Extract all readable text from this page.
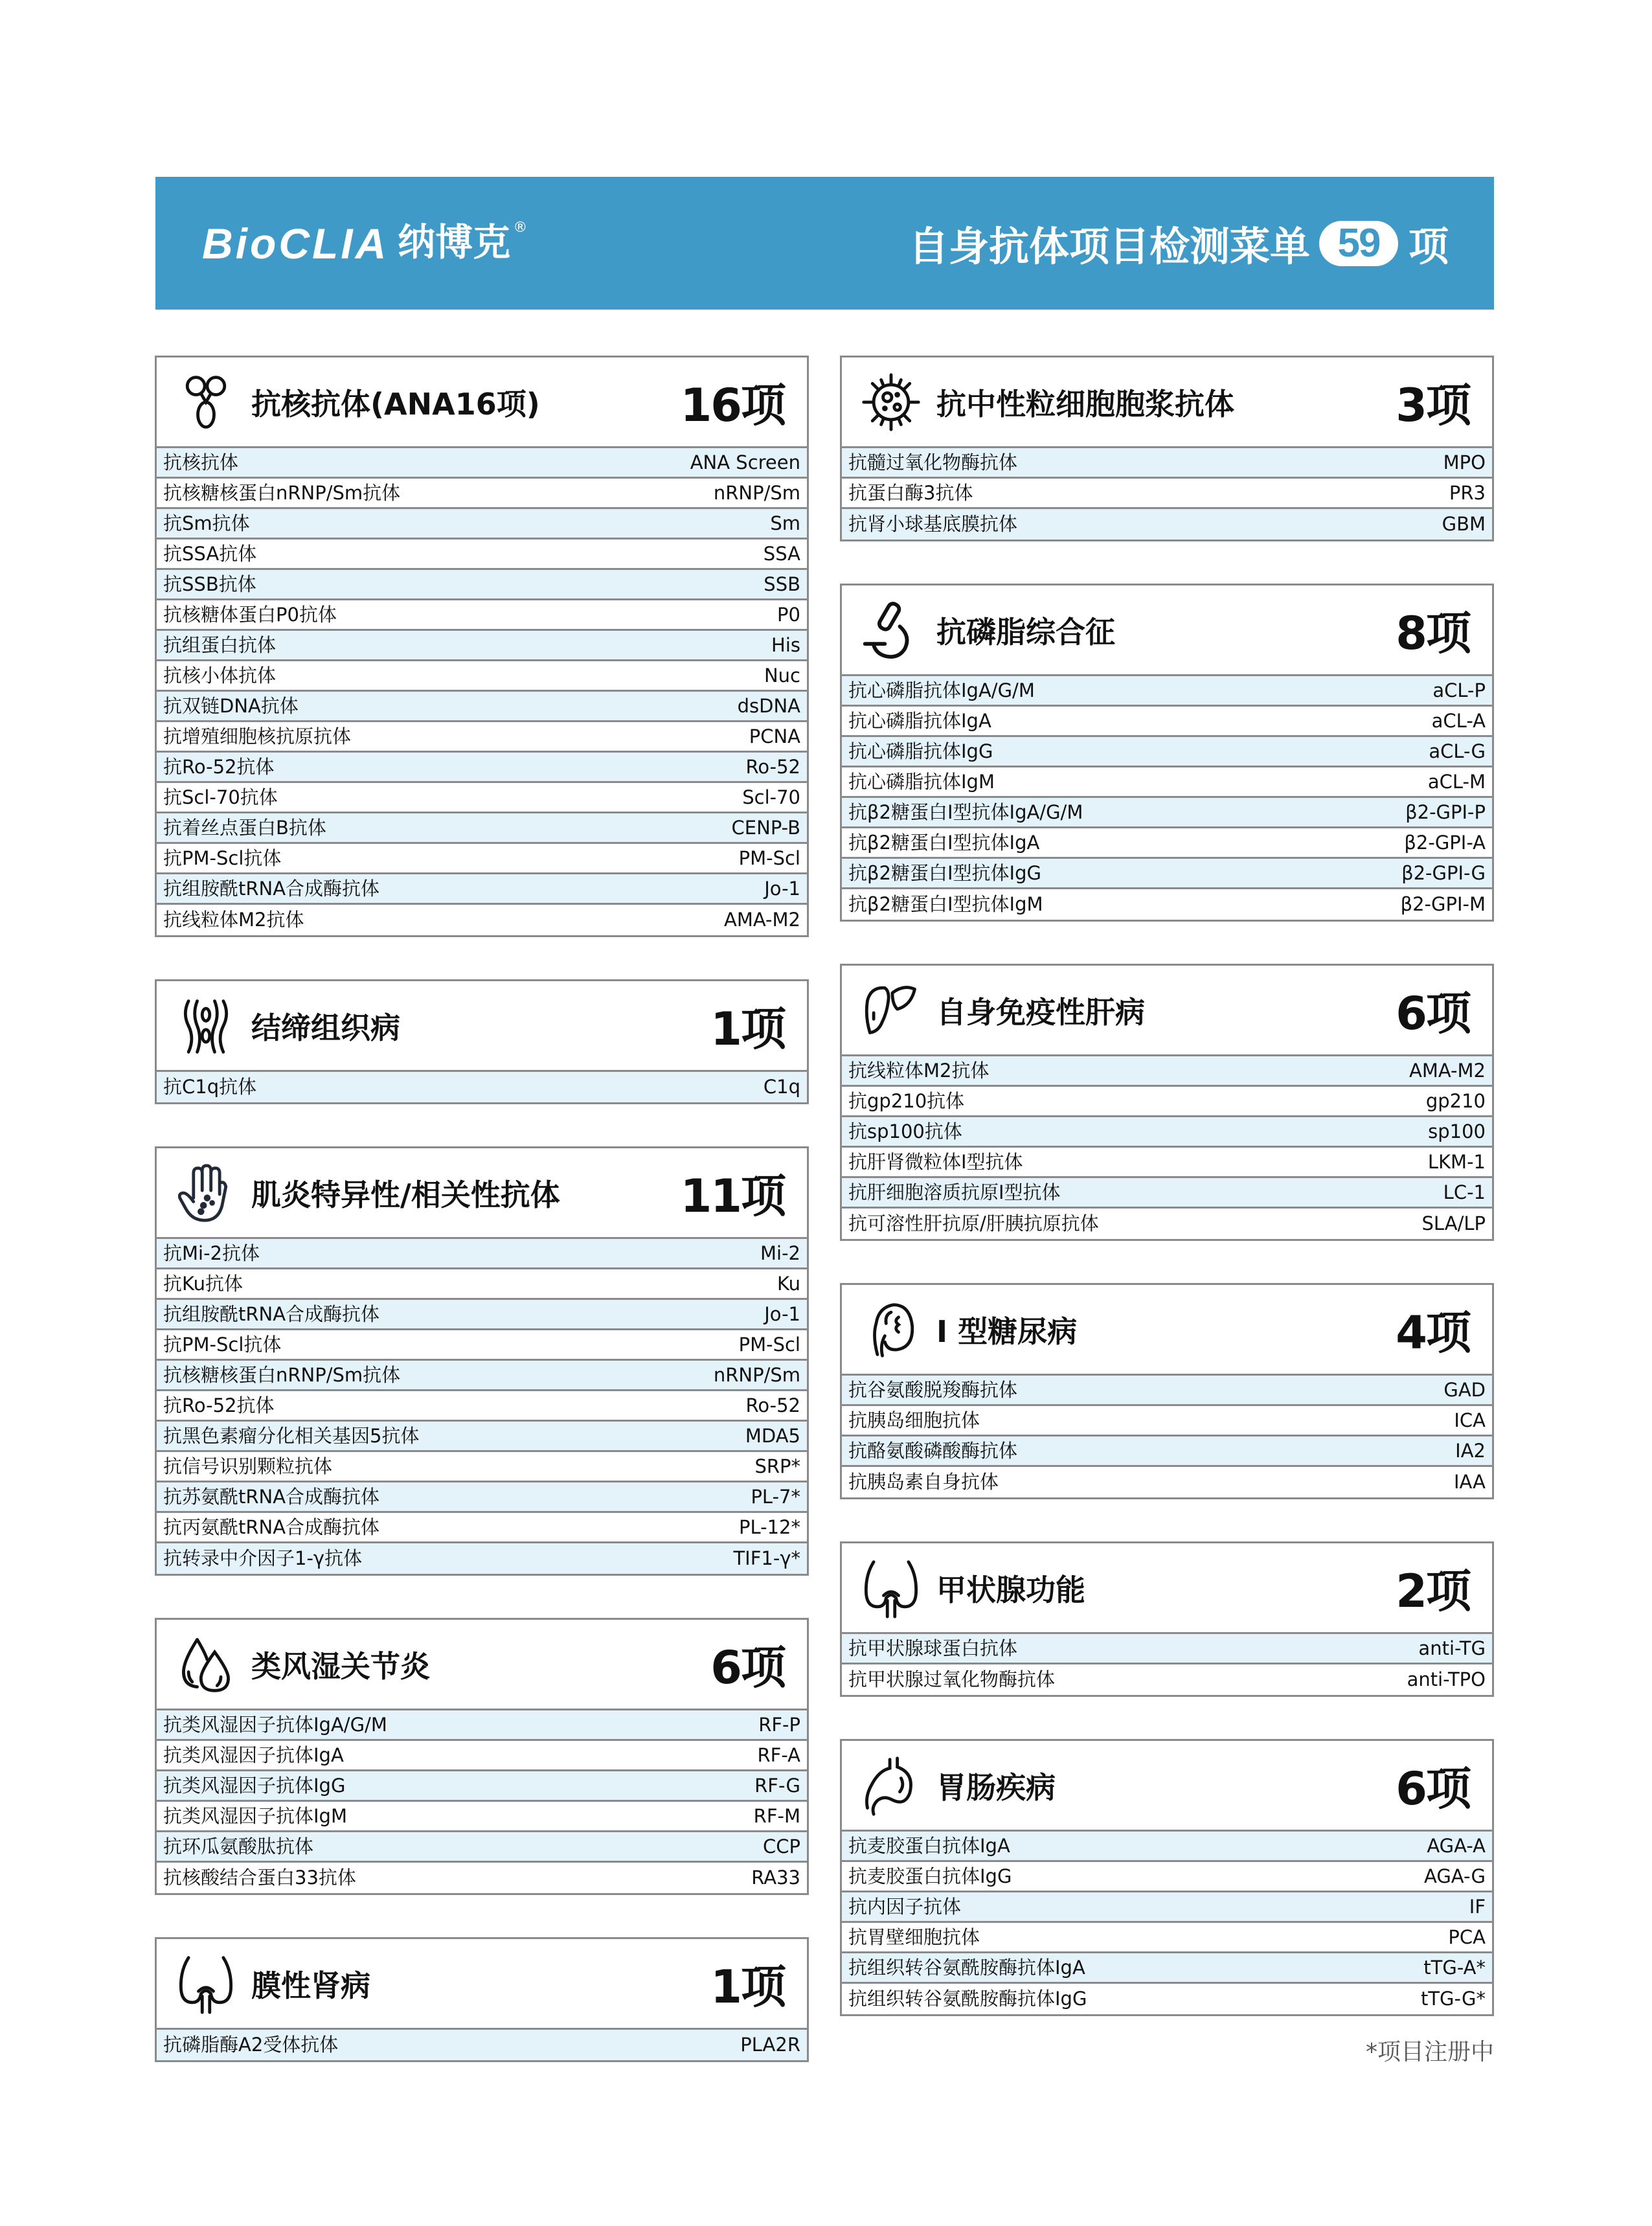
BioCLIA 纳博克 ®	自身抗体项目检测菜单 59 项
抗核抗体(ANA16项)	16项
抗核抗体	ANA Screen
抗核糖核蛋白nRNP/Sm抗体	nRNP/Sm
抗Sm抗体	Sm
抗SSA抗体	SSA
抗SSB抗体	SSB
抗核糖体蛋白P0抗体	P0
抗组蛋白抗体	His
抗核小体抗体	Nuc
抗双链DNA抗体	dsDNA
抗增殖细胞核抗原抗体	PCNA
抗Ro-52抗体	Ro-52
抗Scl-70抗体	Scl-70
抗着丝点蛋白B抗体	CENP-B
抗PM-Scl抗体	PM-Scl
抗组胺酰tRNA合成酶抗体	Jo-1
抗线粒体M2抗体	AMA-M2
结缔组织病	1项
抗C1q抗体	C1q
肌炎特异性/相关性抗体	11项
抗Mi-2抗体	Mi-2
抗Ku抗体	Ku
抗组胺酰tRNA合成酶抗体	Jo-1
抗PM-Scl抗体	PM-Scl
抗核糖核蛋白nRNP/Sm抗体	nRNP/Sm
抗Ro-52抗体	Ro-52
抗黑色素瘤分化相关基因5抗体	MDA5
抗信号识别颗粒抗体	SRP*
抗苏氨酰tRNA合成酶抗体	PL-7*
抗丙氨酰tRNA合成酶抗体	PL-12*
抗转录中介因子1-γ抗体	TIF1-γ*
类风湿关节炎	6项
抗类风湿因子抗体IgA/G/M	RF-P
抗类风湿因子抗体IgA	RF-A
抗类风湿因子抗体IgG	RF-G
抗类风湿因子抗体IgM	RF-M
抗环瓜氨酸肽抗体	CCP
抗核酸结合蛋白33抗体	RA33
膜性肾病	1项
抗磷脂酶A2受体抗体	PLA2R
抗中性粒细胞胞浆抗体	3项
抗髓过氧化物酶抗体	MPO
抗蛋白酶3抗体	PR3
抗肾小球基底膜抗体	GBM
抗磷脂综合征	8项
抗心磷脂抗体IgA/G/M	aCL-P
抗心磷脂抗体IgA	aCL-A
抗心磷脂抗体IgG	aCL-G
抗心磷脂抗体IgM	aCL-M
抗β2糖蛋白I型抗体IgA/G/M	β2-GPI-P
抗β2糖蛋白I型抗体IgA	β2-GPI-A
抗β2糖蛋白I型抗体IgG	β2-GPI-G
抗β2糖蛋白I型抗体IgM	β2-GPI-M
自身免疫性肝病	6项
抗线粒体M2抗体	AMA-M2
抗gp210抗体	gp210
抗sp100抗体	sp100
抗肝肾微粒体I型抗体	LKM-1
抗肝细胞溶质抗原I型抗体	LC-1
抗可溶性肝抗原/肝胰抗原抗体	SLA/LP
I 型糖尿病	4项
抗谷氨酸脱羧酶抗体	GAD
抗胰岛细胞抗体	ICA
抗酪氨酸磷酸酶抗体	IA2
抗胰岛素自身抗体	IAA
甲状腺功能	2项
抗甲状腺球蛋白抗体	anti-TG
抗甲状腺过氧化物酶抗体	anti-TPO
胃肠疾病	6项
抗麦胶蛋白抗体IgA	AGA-A
抗麦胶蛋白抗体IgG	AGA-G
抗内因子抗体	IF
抗胃壁细胞抗体	PCA
抗组织转谷氨酰胺酶抗体IgA	tTG-A*
抗组织转谷氨酰胺酶抗体IgG	tTG-G*
*项目注册中
